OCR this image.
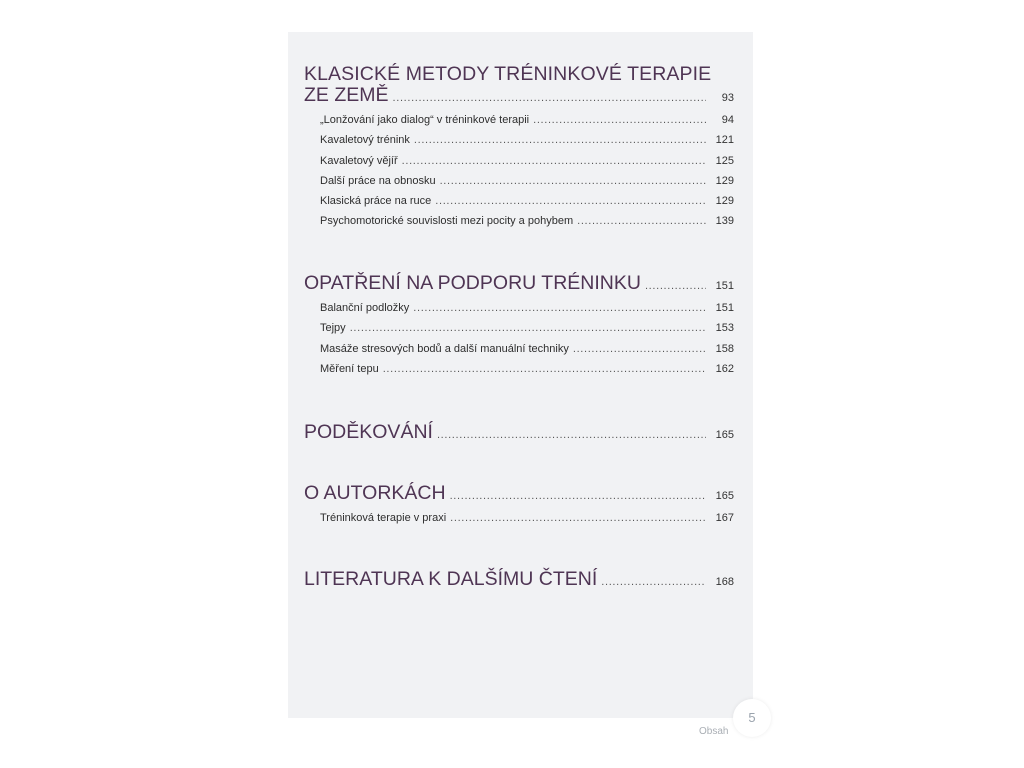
KLASICKÉ METODY TRÉNINKOVÉ TERAPIE
ZE ZEMĚ . . .	93
„Lonžování jako dialog“ v tréninkové terapii . . .	94
Kavaletový trénink . . .	121
Kavaletový vějíř . . .	125
Další práce na obnosku . . .	129
Klasická práce na ruce . . .	129
Psychomotorické souvislosti mezi pocity a pohybem . . .	139
OPATŘENÍ NA PODPORU TRÉNINKU . . .	151
Balanční podložky . . .	151
Tejpy . . .	153
Masáže stresových bodů a další manuální techniky . . .	158
Měření tepu . . .	162
PODĚKOVÁNÍ . . .	165
O AUTORKÁCH . . .	165
Tréninková terapie v praxi . . .	167
LITERATURA K DALŠÍMU ČTENÍ . . .	168
Obsah
5
